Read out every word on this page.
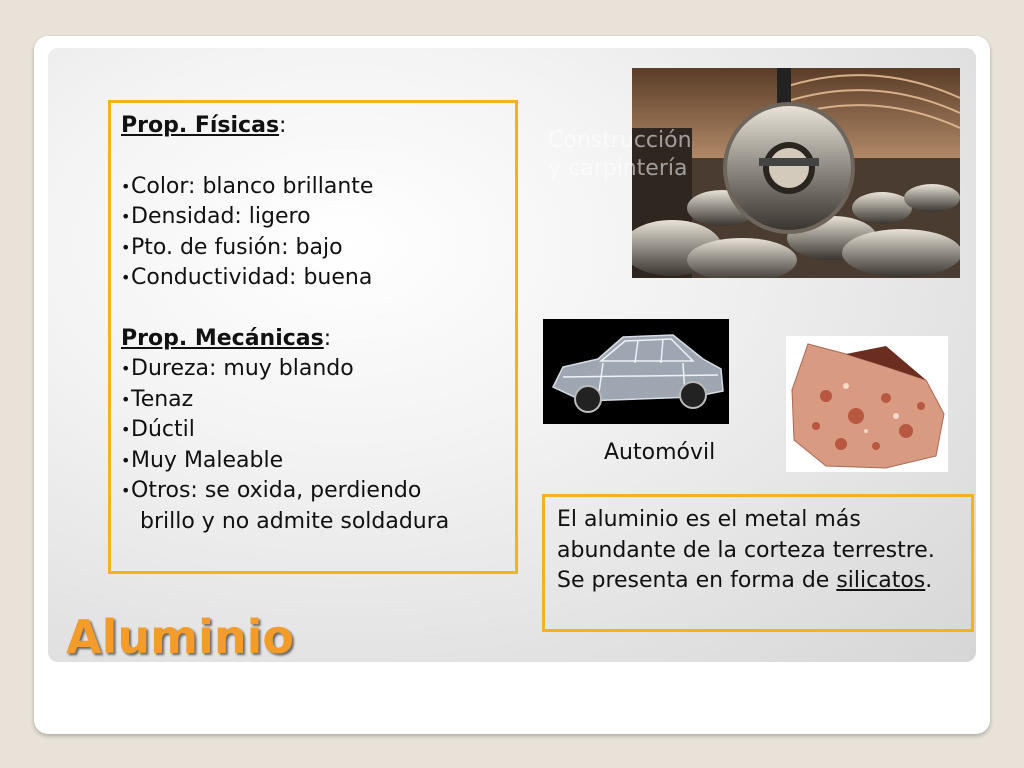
Prop. Físicas:
• Color: blanco brillante
• Densidad: ligero
• Pto. de fusión: bajo
• Conductividad: buena
Prop. Mecánicas:
• Dureza: muy blando
• Tenaz
• Dúctil
• Muy Maleable
• Otros: se oxida, perdiendo
brillo y no admite soldadura
Construcción
y carpintería
Automóvil
El aluminio es el metal más abundante de la corteza terrestre. Se presenta en forma de silicatos.
Aluminio
